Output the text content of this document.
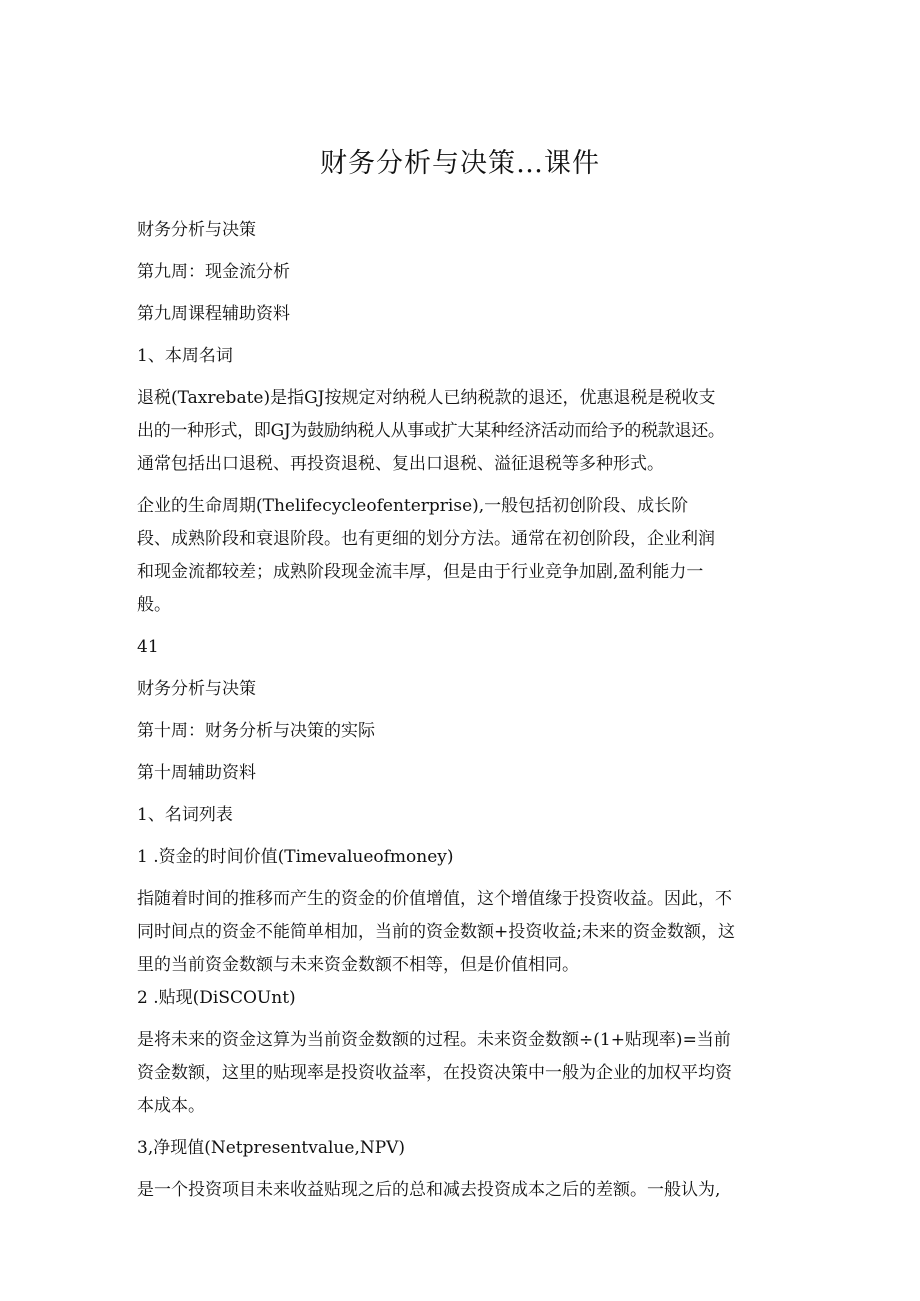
财务分析与决策…课件
财务分析与决策
第九周：现金流分析
第九周课程辅助资料
1、本周名词
退税(Taxrebate)是指GJ按规定对纳税人已纳税款的退还，优惠退税是税收支
出的一种形式，即GJ为鼓励纳税人从事或扩大某种经济活动而给予的税款退还。
通常包括出口退税、再投资退税、复出口退税、溢征退税等多种形式。
企业的生命周期(Thelifecycleofenterprise),一般包括初创阶段、成长阶
段、成熟阶段和衰退阶段。也有更细的划分方法。通常在初创阶段，企业利润
和现金流都较差；成熟阶段现金流丰厚，但是由于行业竞争加剧,盈利能力一
般。
41
财务分析与决策
第十周：财务分析与决策的实际
第十周辅助资料
1、名词列表
1 .资金的时间价值(Timevalueofmoney)
指随着时间的推移而产生的资金的价值增值，这个增值缘于投资收益。因此，不
同时间点的资金不能简单相加，当前的资金数额+投资收益;未来的资金数额，这
里的当前资金数额与未来资金数额不相等，但是价值相同。
2 .贴现(DiSCOUnt)
是将未来的资金这算为当前资金数额的过程。未来资金数额÷(1+贴现率)=当前
资金数额，这里的贴现率是投资收益率，在投资决策中一般为企业的加权平均资
本成本。
3,净现值(Netpresentvalue,NPV)
是一个投资项目未来收益贴现之后的总和减去投资成本之后的差额。一般认为,
